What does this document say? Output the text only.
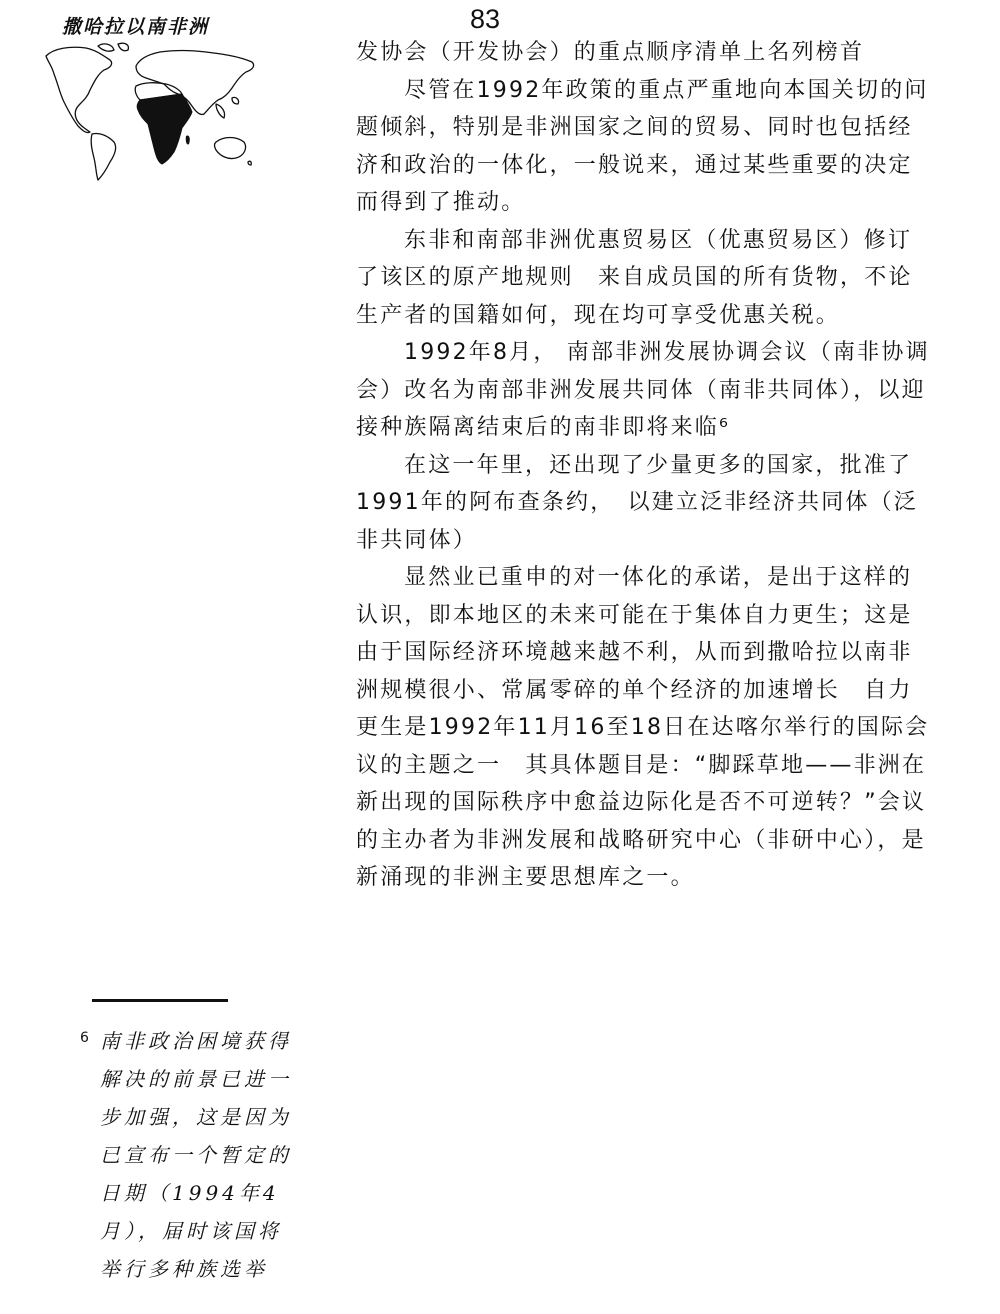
83
撒哈拉以南非洲

发协会（开发协会）的重点顺序清单上名列榜首

尽管在1992年政策的重点严重地向本国关切的问题倾斜，特别是非洲国家之间的贸易、同时也包括经济和政治的一体化，一般说来，通过某些重要的决定而得到了推动。

东非和南部非洲优惠贸易区（优惠贸易区）修订了该区的原产地规则　来自成员国的所有货物，不论生产者的国籍如何，现在均可享受优惠关税。

1992年8月， 南部非洲发展协调会议（南非协调会）改名为南部非洲发展共同体（南非共同体），以迎接种族隔离结束后的南非即将来临⁶

在这一年里，还出现了少量更多的国家，批准了1991年的阿布查条约，　以建立泛非经济共同体（泛非共同体）

显然业已重申的对一体化的承诺，是出于这样的认识，即本地区的未来可能在于集体自力更生；这是由于国际经济环境越来越不利，从而到撒哈拉以南非洲规模很小、常属零碎的单个经济的加速增长　自力更生是1992年11月16至18日在达喀尔举行的国际会议的主题之一　其具体题目是：“脚踩草地——非洲在新出现的国际秩序中愈益边际化是否不可逆转？”会议的主办者为非洲发展和战略研究中心（非研中心），是新涌现的非洲主要思想库之一。

6 南非政治困境获得解决的前景已进一步加强，这是因为已宣布一个暂定的日期（1994年4月），届时该国将举行多种族选举
